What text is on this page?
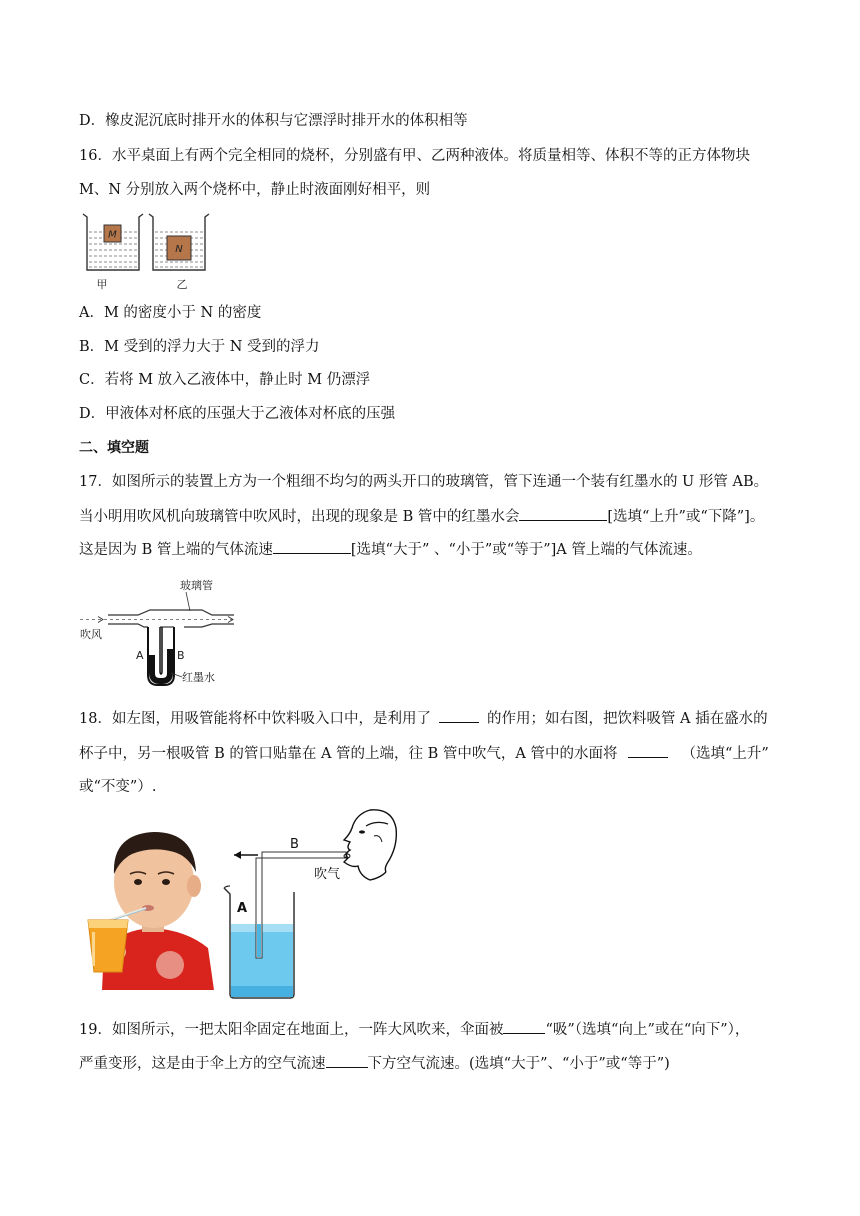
D．橡皮泥沉底时排开水的体积与它漂浮时排开水的体积相等
16．水平桌面上有两个完全相同的烧杯，分别盛有甲、乙两种液体。将质量相等、体积不等的正方体物块
M、N 分别放入两个烧杯中，静止时液面刚好相平，则
M
N
甲	乙
A．M 的密度小于 N 的密度
B．M 受到的浮力大于 N 受到的浮力
C．若将 M 放入乙液体中，静止时 M 仍漂浮
D．甲液体对杯底的压强大于乙液体对杯底的压强
二、填空题
17．如图所示的装置上方为一个粗细不均匀的两头开口的玻璃管，管下连通一个装有红墨水的 U 形管 AB。
当小明用吹风机向玻璃管中吹风时，出现的现象是 B 管中的红墨水会	[选填“上升”或“下降”]。
这是因为 B 管上端的气体流速	[选填“大于” 、“小于”或“等于”]A 管上端的气体流速。
玻璃管
吹风
A	B
红墨水
18．如左图，用吸管能将杯中饮料吸入口中，是利用了	的作用；如右图，把饮料吸管 A 插在盛水的
杯子中，另一根吸管 B 的管口贴靠在 A 管的上端，往 B 管中吹气，A 管中的水面将	（选填“上升”
或“不变”）.
A
B
吹气
19．如图所示，一把太阳伞固定在地面上，一阵大风吹来，伞面被	“吸”（选填“向上”或在“向下”），
严重变形，这是由于伞上方的空气流速	下方空气流速。(选填“大于”、“小于”或“等于”)
